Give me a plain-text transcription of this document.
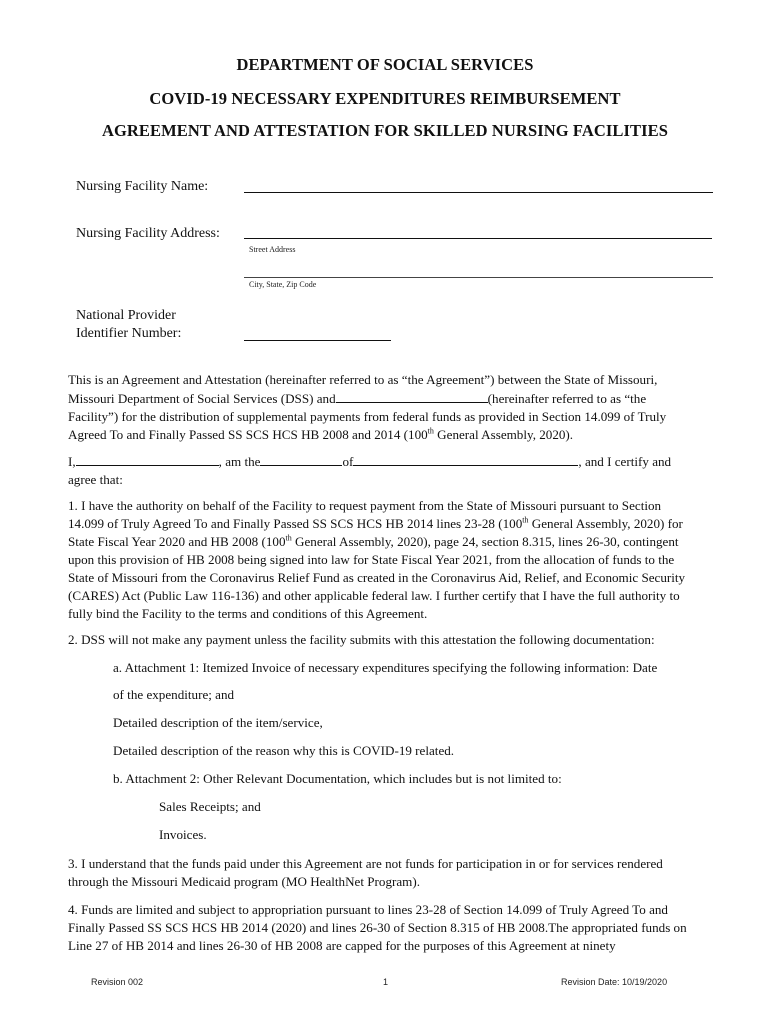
DEPARTMENT OF SOCIAL SERVICES
COVID-19 NECESSARY EXPENDITURES REIMBURSEMENT
AGREEMENT AND ATTESTATION FOR SKILLED NURSING FACILITIES
Nursing Facility Name:
Nursing Facility Address:
Street Address
City, State, Zip Code
National Provider
Identifier Number:

This is an Agreement and Attestation (hereinafter referred to as “the Agreement”) between the State of Missouri, Missouri Department of Social Services (DSS) and	(hereinafter referred to as “the Facility”) for the distribution of supplemental payments from federal funds as provided in Section 14.099 of Truly Agreed To and Finally Passed SS SCS HCS HB 2008 and 2014 (100th General Assembly, 2020).

I,	, am the	of	, and I certify and

agree that:

1. I have the authority on behalf of the Facility to request payment from the State of Missouri pursuant to Section 14.099 of Truly Agreed To and Finally Passed SS SCS HCS HB 2014 lines 23-28 (100th General Assembly, 2020) for State Fiscal Year 2020 and HB 2008 (100th General Assembly, 2020), page 24, section 8.315, lines 26-30, contingent upon this provision of HB 2008 being signed into law for State Fiscal Year 2021, from the allocation of funds to the State of Missouri from the Coronavirus Relief Fund as created in the Coronavirus Aid, Relief, and Economic Security (CARES) Act (Public Law 116-136) and other applicable federal law. I further certify that I have the full authority to fully bind the Facility to the terms and conditions of this Agreement.

2. DSS will not make any payment unless the facility submits with this attestation the following documentation:
a. Attachment 1: Itemized Invoice of necessary expenditures specifying the following information: Date
of the expenditure; and
Detailed description of the item/service,
Detailed description of the reason why this is COVID-19 related.
b. Attachment 2: Other Relevant Documentation, which includes but is not limited to:
Sales Receipts; and
Invoices.
3. I understand that the funds paid under this Agreement are not funds for participation in or for services rendered through the Missouri Medicaid program (MO HealthNet Program).
4. Funds are limited and subject to appropriation pursuant to lines 23-28 of Section 14.099 of Truly Agreed To and Finally Passed SS SCS HCS HB 2014 (2020) and lines 26-30 of Section 8.315 of HB 2008.The appropriated funds on Line 27 of HB 2014 and lines 26-30 of HB 2008 are capped for the purposes of this Agreement at ninety
Revision 002	1	Revision Date: 10/19/2020
